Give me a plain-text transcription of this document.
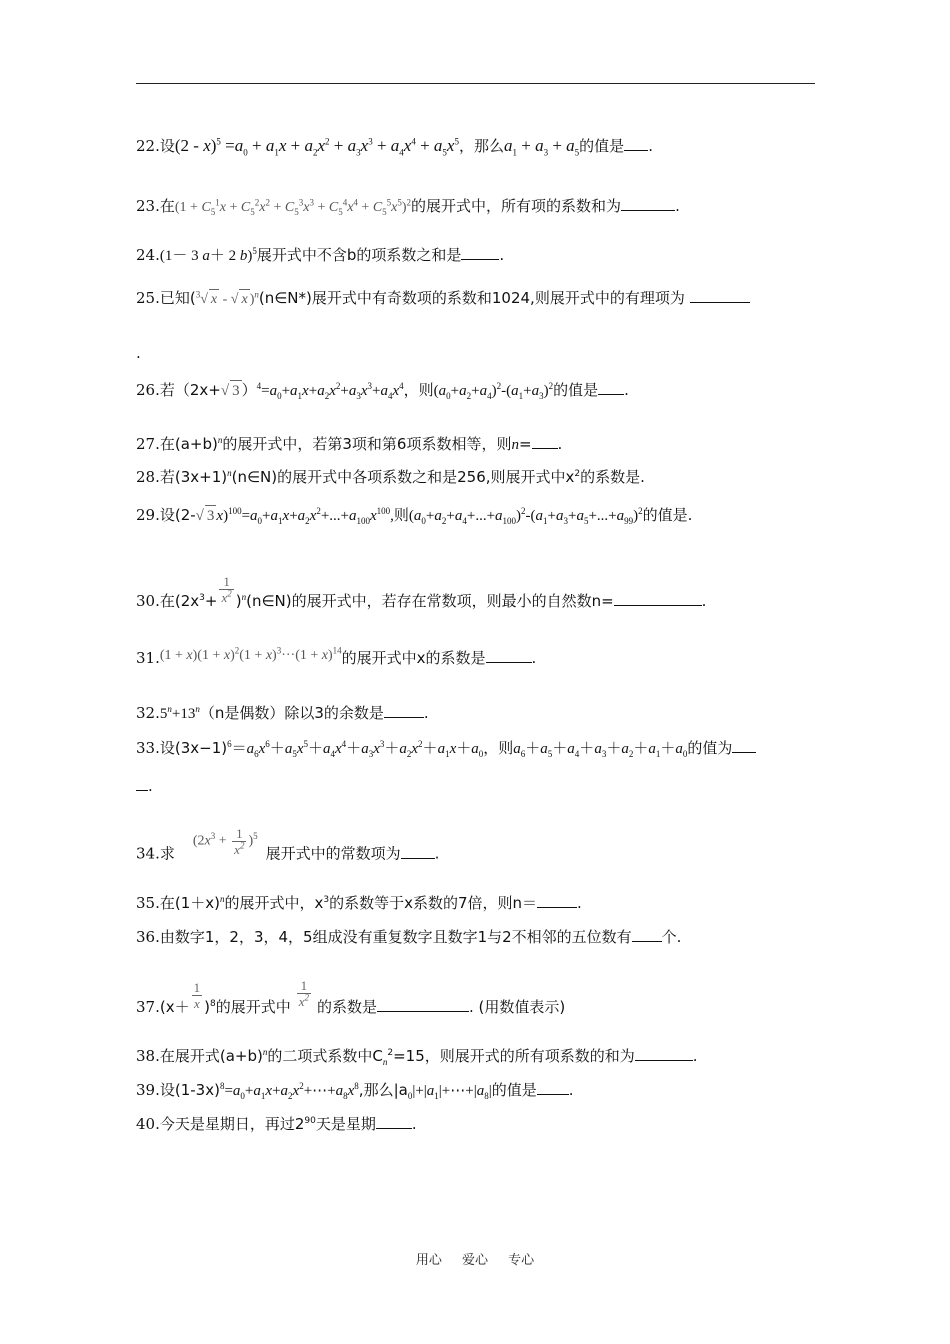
22.设$(2 - x)^5 =a_0 + a_1x + a_2x^2 + a_3x^3 + a_4x^4 + a_5x^5$，那么$a_1 + a_3 + a_5$的值是 .
23.在$(1 + C_5^1x + C_5^2x^2 + C_5^3x^3 + C_5^4x^4 + C_5^5x^5)^2$的展开式中，所有项的系数和为	.
24.(1－ 3 a＋ 2 b)$^5$展开式中不含b的项系数之和是	.
25.已知($^3$√ x - √ x )$^n$(n∈N*)展开式中有奇数项的系数和1024,则展开式中的有理项为
.
26.若（2x+√ 3 ）$^4=a_0+a_1x+a_2x^2+a_3x^3+a_4x^4$，则$(a_0+a_2+a_4)^2-(a_1+a_3)^2$的值是 .
27.在$(a+b)^n$的展开式中，若第3项和第6项系数相等，则n= .
28.若$(3x+1)^n(n\in N)$的展开式中各项系数之和是256,则展开式中$x^2$的系数是.
29.设(2-√ 3 $x)^{100}=a_0+a_1x+a_2x^2+...+a_{100}x^{100}$,则$(a_0+a_2+a_4+...+a_{100})^2-(a_1+a_3+a_5+...+a_{99})^2$的值是.
30.在($2x^3+ \frac{1}{x^2}$ )$^n(n\in N)$的展开式中，若存在常数项，则最小的自然数n=	.
$31.(1 + x)(1 + x)^2(1 + x)^3\cdot\cdot\cdot(1 + x)^{14}$的展开式中x的系数是	.
$32.5^n+13^n(n$是偶数）除以3的余数是	.
33.设$(3x-1)^6=a_6x^6+a_5x^5+a_4x^4+a_3x^3+a_2x^2+a_1x+a_0$，则$a_6+a_5+a_4+a_3+a_2+a_1+a_0$的值为
.
34.求$(2x^3 + \frac{1}{x^2} )^5$展开式中的常数项为 .
35.在$(1+x)^n$的展开式中，$x^3$的系数等于x系数的7倍，则n＝	.
36.由数字1，2，3，4，5组成没有重复数字且数字1与2不相邻的五位数有 个.
$37.(x+ \frac{1}{x} )^8$的展开式中 $\frac{1}{x^2}$ 的系数是	. (用数值表示)
38.在展开式$(a+b)^n$的二项式系数中$C_n^2=15$，则展开式的所有项系数的和为	.
39.设$(1-3x)^8=a_0+a_1x+a_2x^2+\cdots+a_8x^8$,那么$|a_0|+|a_1|+\cdots+|a_8|$的值是 .
40.今天是星期日，再过$2^{90}$天是星期 .
用心 爱心 专心
